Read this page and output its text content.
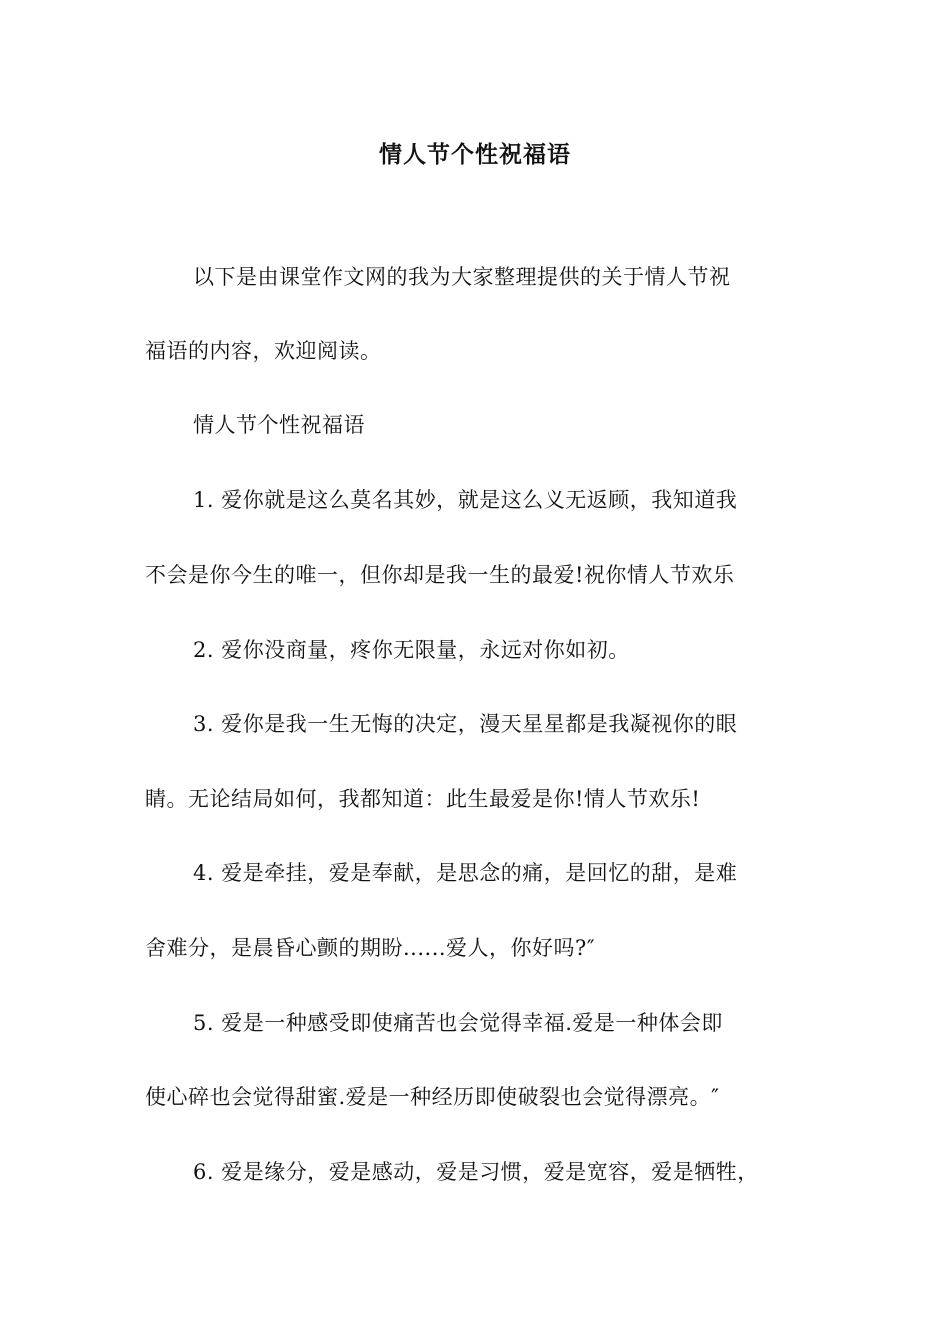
情人节个性祝福语
以下是由课堂作文网的我为大家整理提供的关于情人节祝
福语的内容，欢迎阅读。
情人节个性祝福语
1. 爱你就是这么莫名其妙，就是这么义无返顾，我知道我
不会是你今生的唯一，但你却是我一生的最爱!祝你情人节欢乐
2. 爱你没商量，疼你无限量，永远对你如初。
3. 爱你是我一生无悔的决定，漫天星星都是我凝视你的眼
睛。无论结局如何，我都知道：此生最爱是你!情人节欢乐!
4. 爱是牵挂，爱是奉献，是思念的痛，是回忆的甜，是难
舍难分，是晨昏心颤的期盼......爱人，你好吗?″
5. 爱是一种感受即使痛苦也会觉得幸福.爱是一种体会即
使心碎也会觉得甜蜜.爱是一种经历即使破裂也会觉得漂亮。″
6. 爱是缘分，爱是感动，爱是习惯，爱是宽容，爱是牺牲，
